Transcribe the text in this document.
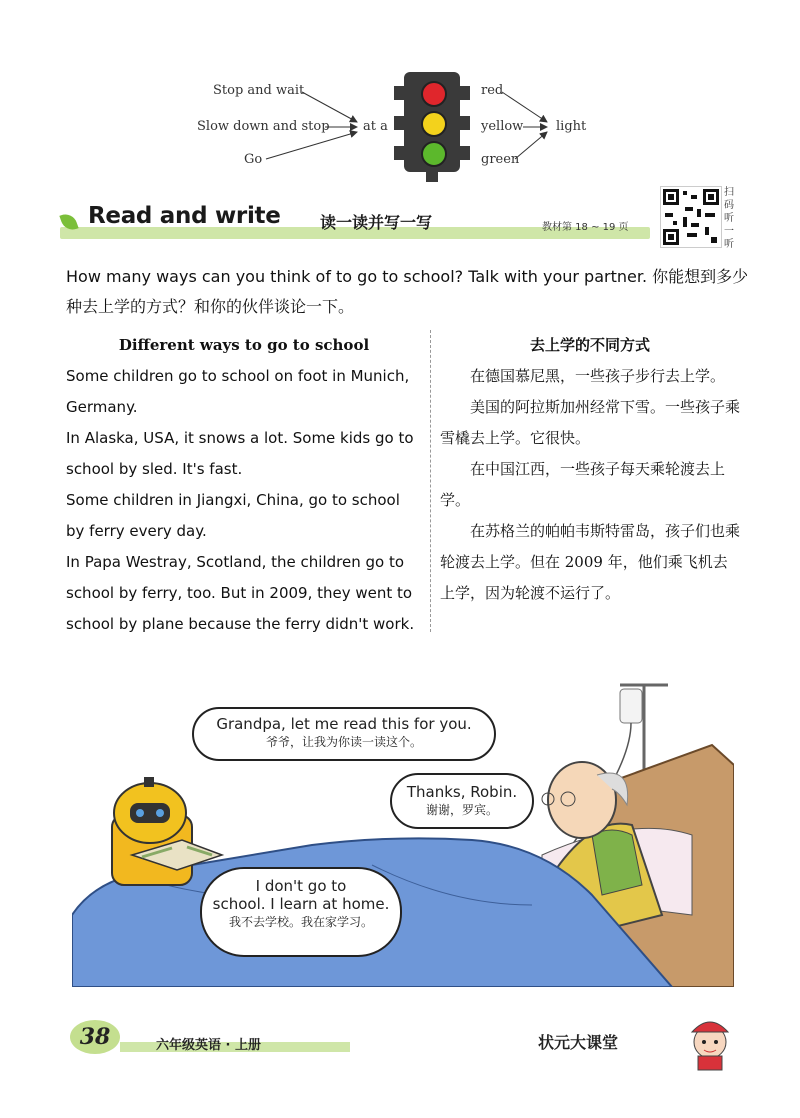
Stop and wait
Slow down and stop
Go
at a
red
yellow
green
light
Read and write 读一读并写一写	教材第 18 ~ 19 页
扫码听一听
How many ways can you think of to go to school? Talk with your partner. 你能想到多少种去上学的方式？和你的伙伴谈论一下。
Different ways to go to school

Some children go to school on foot in Munich, Germany.

In Alaska, USA, it snows a lot. Some kids go to school by sled. It's fast.

Some children in Jiangxi, China, go to school by ferry every day.

In Papa Westray, Scotland, the children go to school by ferry, too. But in 2009, they went to school by plane because the ferry didn't work.

去上学的不同方式

在德国慕尼黑，一些孩子步行去上学。

美国的阿拉斯加州经常下雪。一些孩子乘雪橇去上学。它很快。

在中国江西，一些孩子每天乘轮渡去上学。

在苏格兰的帕帕韦斯特雷岛，孩子们也乘轮渡去上学。但在 2009 年，他们乘飞机去上学，因为轮渡不运行了。

Grandpa, let me read this for you.
爷爷，让我为你读一读这个。
Thanks, Robin.
谢谢，罗宾。
I don't go to
school. I learn at home.
我不去学校。我在家学习。
38	六年级英语 · 上册	状元大课堂
